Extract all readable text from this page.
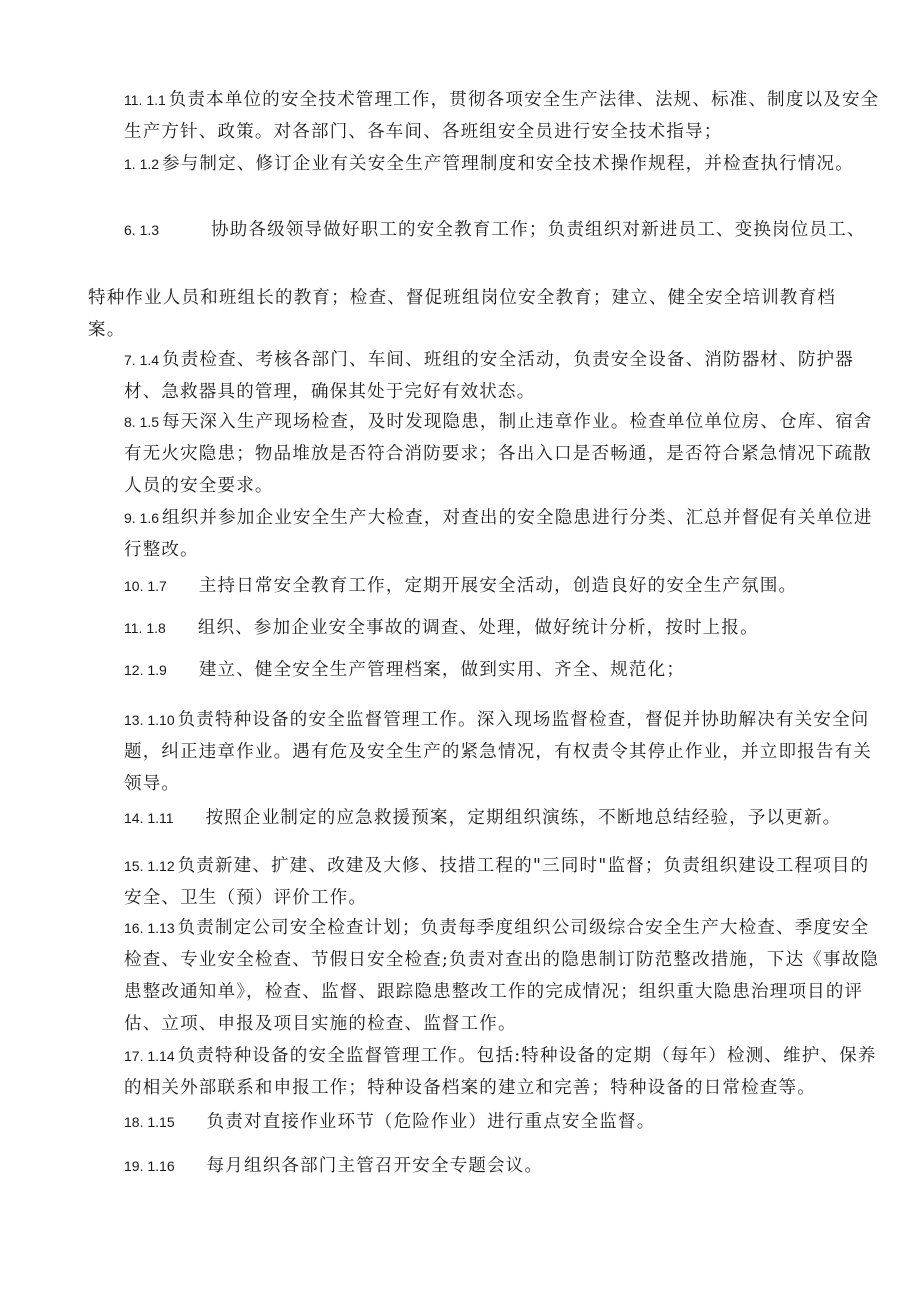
11. 1.1 负责本单位的安全技术管理工作，贯彻各项安全生产法律、法规、标准、制度以及安全生产方针、政策。对各部门、各车间、各班组安全员进行安全技术指导；

1. 1.2 参与制定、修订企业有关安全生产管理制度和安全技术操作规程，并检查执行情况。

6. 1.3	协助各级领导做好职工的安全教育工作；负责组织对新进员工、变换岗位员工、

特种作业人员和班组长的教育；检查、督促班组岗位安全教育；建立、健全安全培训教育档案。

7. 1.4 负责检查、考核各部门、车间、班组的安全活动，负责安全设备、消防器材、防护器材、急救器具的管理，确保其处于完好有效状态。

8. 1.5 每天深入生产现场检查，及时发现隐患，制止违章作业。检查单位单位房、仓库、宿舍有无火灾隐患；物品堆放是否符合消防要求；各出入口是否畅通，是否符合紧急情况下疏散人员的安全要求。

9. 1.6 组织并参加企业安全生产大检查，对查出的安全隐患进行分类、汇总并督促有关单位进行整改。

10. 1.7 主持日常安全教育工作，定期开展安全活动，创造良好的安全生产氛围。

11. 1.8 组织、参加企业安全事故的调查、处理，做好统计分析，按时上报。

12. 1.9 建立、健全安全生产管理档案，做到实用、齐全、规范化；

13. 1.10 负责特种设备的安全监督管理工作。深入现场监督检查，督促并协助解决有关安全问题，纠正违章作业。遇有危及安全生产的紧急情况，有权责令其停止作业，并立即报告有关领导。

14. 1.11 按照企业制定的应急救援预案，定期组织演练，不断地总结经验，予以更新。

15. 1.12 负责新建、扩建、改建及大修、技措工程的"三同时"监督；负责组织建设工程项目的安全、卫生（预）评价工作。

16. 1.13 负责制定公司安全检查计划；负责每季度组织公司级综合安全生产大检查、季度安全检查、专业安全检查、节假日安全检查;负责对查出的隐患制订防范整改措施，下达《事故隐患整改通知单》，检查、监督、跟踪隐患整改工作的完成情况；组织重大隐患治理项目的评估、立项、申报及项目实施的检查、监督工作。

17. 1.14 负责特种设备的安全监督管理工作。包括:特种设备的定期（每年）检测、维护、保养的相关外部联系和申报工作；特种设备档案的建立和完善；特种设备的日常检查等。

18. 1.15 负责对直接作业环节（危险作业）进行重点安全监督。

19. 1.16 每月组织各部门主管召开安全专题会议。
